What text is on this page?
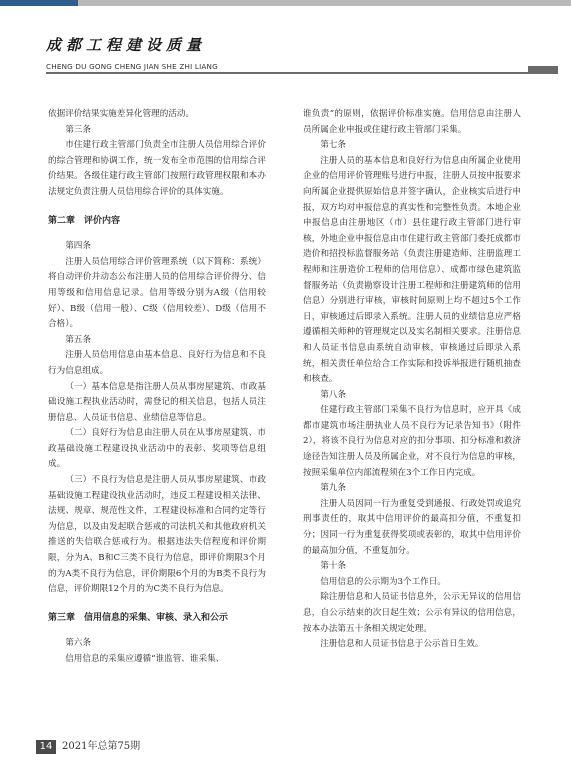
成都工程建设质量
CHENG DU GONG CHENG JIAN SHE ZHI LIANG

依据评价结果实施差异化管理的活动。

第三条

市住建行政主管部门负责全市注册人员信用综合评价的综合管理和协调工作，统一发布全市范围的信用综合评价结果。各级住建行政主管部门按照行政管理权限和本办法规定负责注册人员信用综合评价的具体实施。

第二章　评价内容

第四条

注册人员信用综合评价管理系统（以下简称：系统）将自动评价并动态公布注册人员的信用综合评价得分、信用等级和信用信息记录。信用等级分别为A级（信用较好）、B级（信用一般）、C级（信用较差）、D级（信用不合格）。

第五条

注册人员信用信息由基本信息、良好行为信息和不良行为信息组成。

（一）基本信息是指注册人员从事房屋建筑、市政基础设施工程执业活动时，需登记的相关信息，包括人员注册信息、人员证书信息、业绩信息等信息。

（二）良好行为信息由注册人员在从事房屋建筑、市政基础设施工程建设执业活动中的表彰、奖项等信息组成。

（三）不良行为信息是注册人员从事房屋建筑、市政基础设施工程建设执业活动时，违反工程建设相关法律、法规、规章、规范性文件，工程建设标准和合同约定等行为信息，以及由发起联合惩戒的司法机关和其他政府机关推送的失信联合惩戒行为。根据违法失信程度和评价期限，分为A、B和C三类不良行为信息，即评价期限3个月的为A类不良行为信息，评价期限6个月的为B类不良行为信息，评价期限12个月的为C类不良行为信息。

第三章　信用信息的采集、审核、录入和公示

第六条

信用信息的采集应遵循“谁监管、谁采集、

谁负责”的原则，依据评价标准实施。信用信息由注册人员所属企业申报或住建行政主管部门采集。

第七条

注册人员的基本信息和良好行为信息由所属企业使用企业的信用评价管理账号进行申报，注册人员按申报要求向所属企业提供原始信息并签字确认，企业核实后进行申报，双方均对申报信息的真实性和完整性负责。本地企业申报信息由注册地区（市）县住建行政主管部门进行审核，外地企业申报信息由市住建行政主管部门委托成都市造价和招投标监督服务站（负责注册建造师、注册监理工程师和注册造价工程师的信用信息）、成都市绿色建筑监督服务站（负责勘察设计注册工程师和注册建筑师的信用信息）分别进行审核，审核时间原则上均不超过5个工作日，审核通过后即录入系统。注册人员的业绩信息应严格遵循相关师种的管理规定以及实名制相关要求。注册信息和人员证书信息由系统自动审核，审核通过后即录入系统，相关责任单位给合工作实际和投诉举报进行随机抽查和核查。

第八条

住建行政主管部门采集不良行为信息时，应开具《成都市建筑市场注册执业人员不良行为记录告知书》（附件2），将该不良行为信息对应的扣分事项、扣分标准和救济途径告知注册人员及所属企业，对不良行为信息的审核，按照采集单位内部流程须在3个工作日内完成。

第九条

注册人员因同一行为重复受到通报、行政处罚或追究刑事责任的，取其中信用评价的最高扣分值，不重复扣分；因同一行为重复获得奖项或表彰的，取其中信用评价的最高加分值，不重复加分。

第十条

信用信息的公示期为3个工作日。

除注册信息和人员证书信息外，公示无异议的信用信息，自公示结束的次日起生效；公示有异议的信用信息，按本办法第五十条相关规定处理。

注册信息和人员证书信息于公示首日生效。

14 2021年总第75期
